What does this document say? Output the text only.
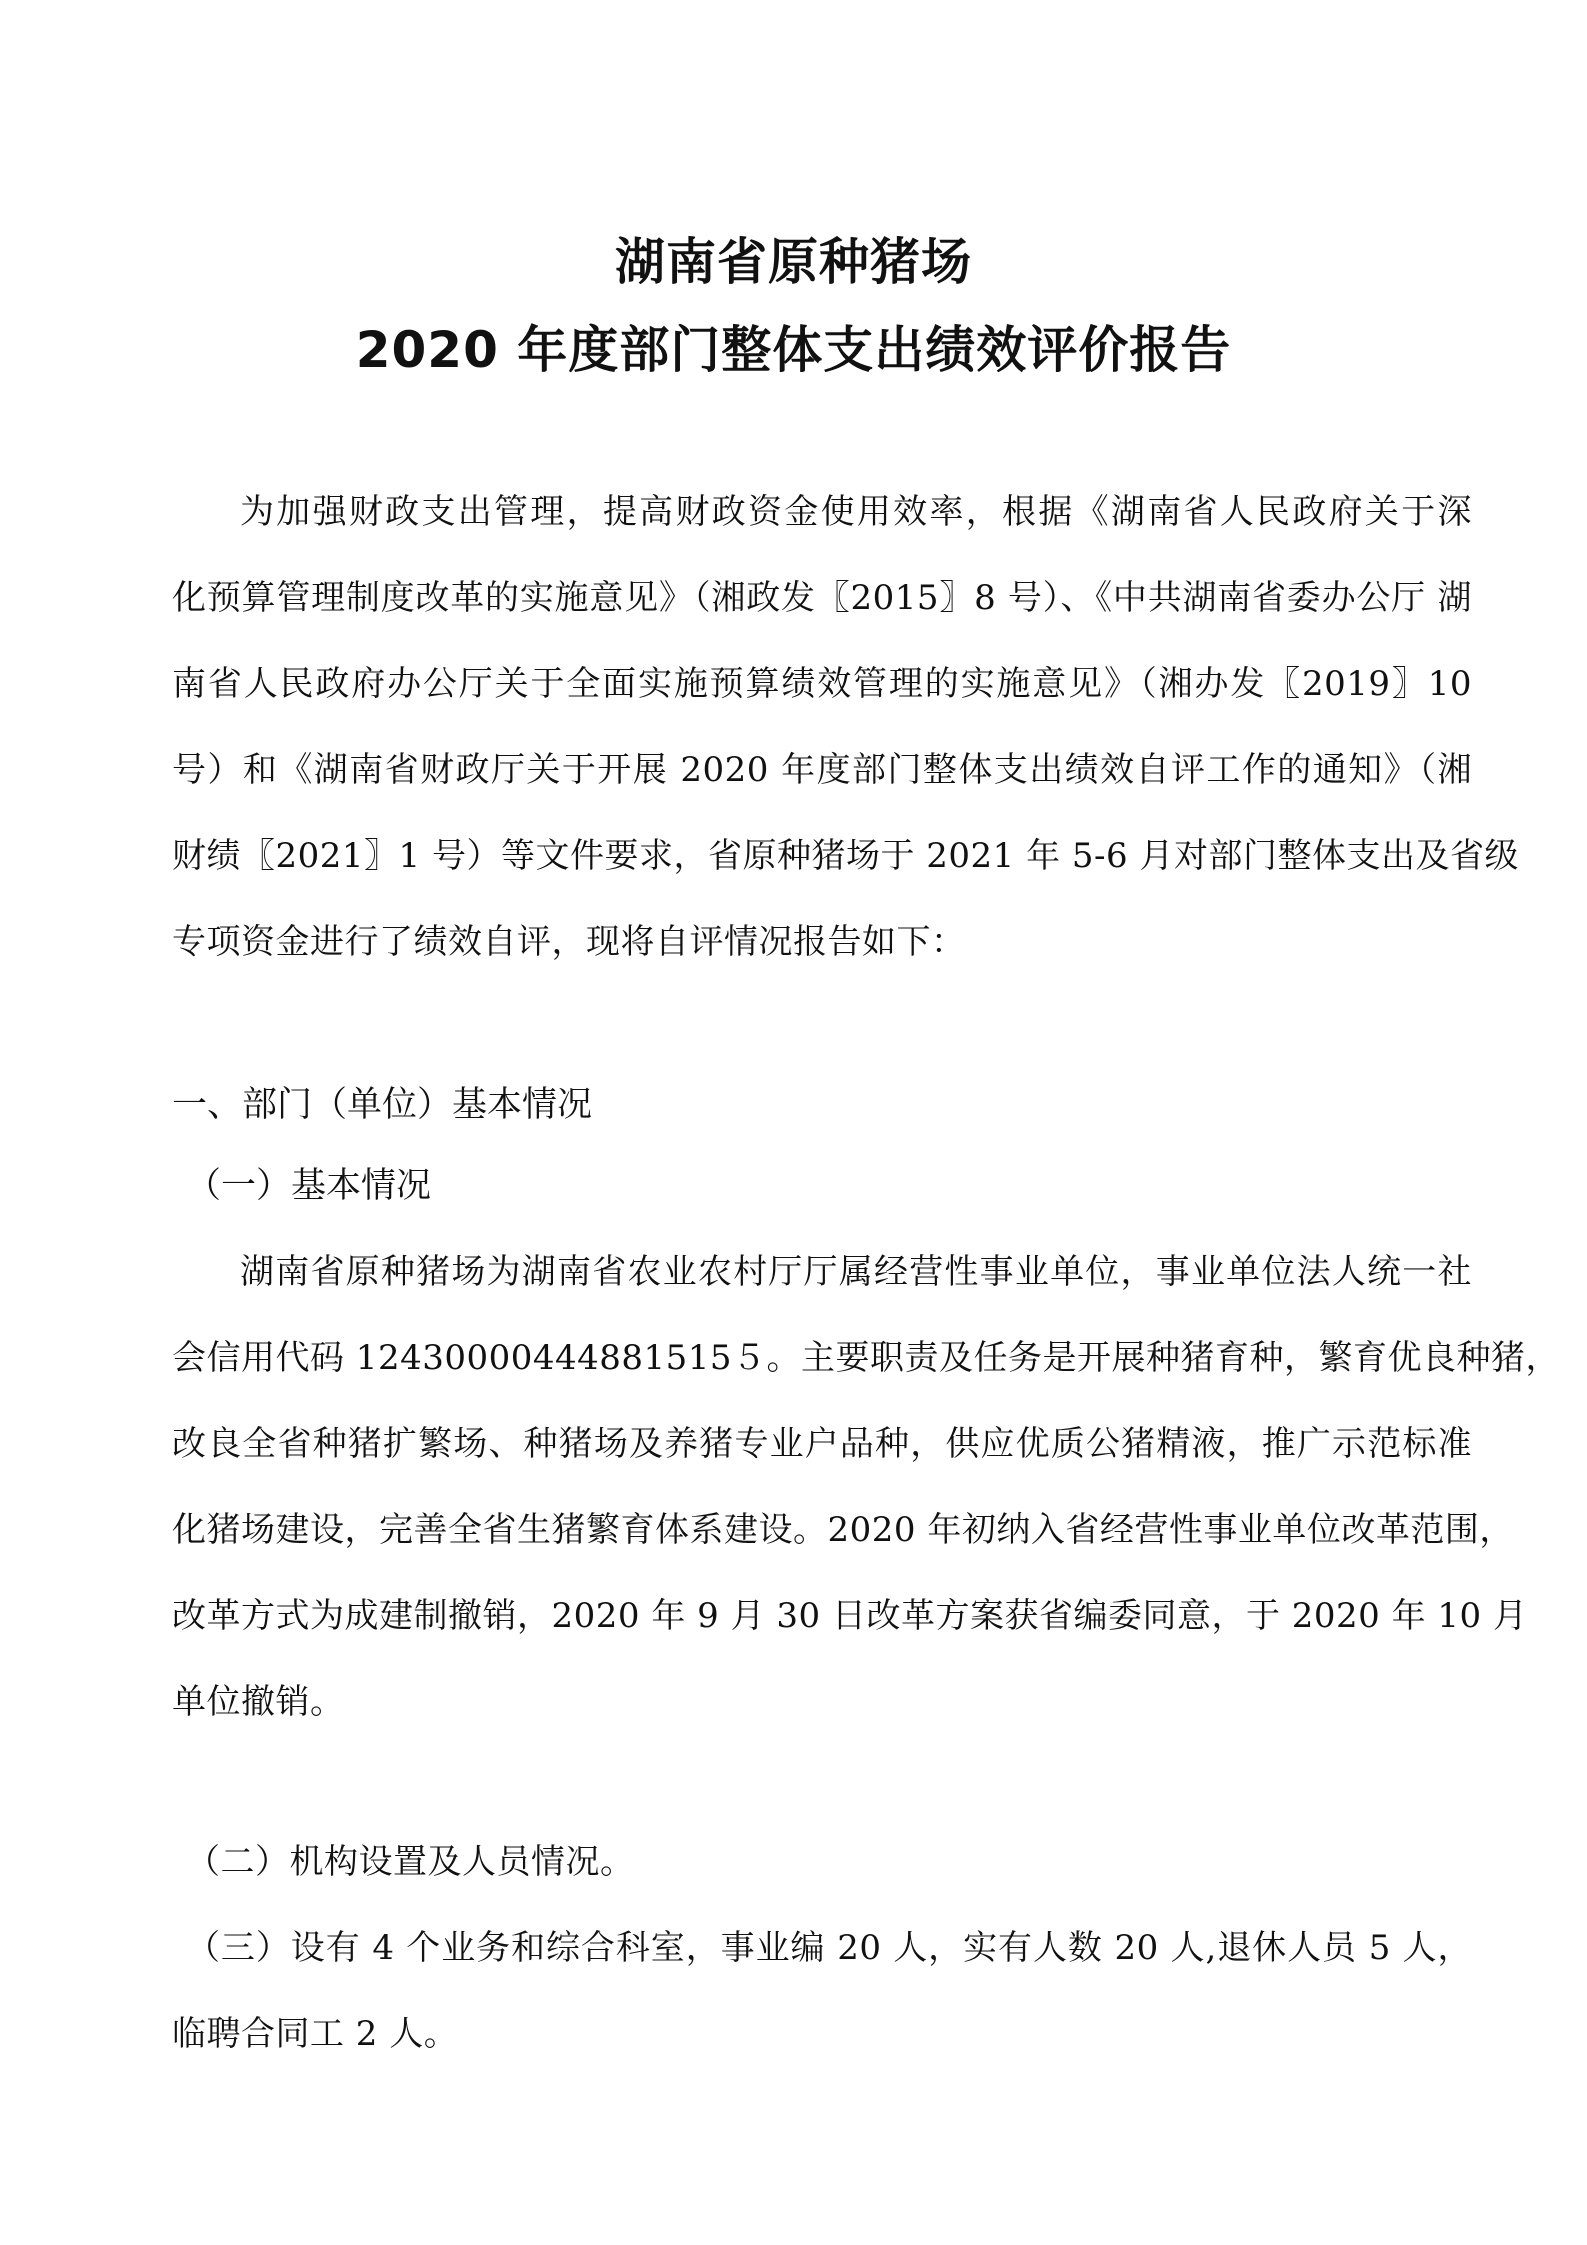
湖南省原种猪场
2020 年度部门整体支出绩效评价报告

为加强财政支出管理，提高财政资金使用效率，根据《湖南省人民政府关于深

化预算管理制度改革的实施意见》（湘政发〖2015〗8 号）、《中共湖南省委办公厅 湖

南省人民政府办公厅关于全面实施预算绩效管理的实施意见》（湘办发〖2019〗10

号）和《湖南省财政厅关于开展 2020 年度部门整体支出绩效自评工作的通知》（湘

财绩〖2021〗1 号）等文件要求，省原种猪场于 2021 年 5-6 月对部门整体支出及省级

专项资金进行了绩效自评，现将自评情况报告如下：

一、部门（单位）基本情况
（一）基本情况

湖南省原种猪场为湖南省农业农村厅厅属经营性事业单位，事业单位法人统一社

会信用代码 12430000444881515５。主要职责及任务是开展种猪育种，繁育优良种猪，

改良全省种猪扩繁场、种猪场及养猪专业户品种，供应优质公猪精液，推广示范标准

化猪场建设，完善全省生猪繁育体系建设。2020 年初纳入省经营性事业单位改革范围，

改革方式为成建制撤销，2020 年 9 月 30 日改革方案获省编委同意，于 2020 年 10 月

单位撤销。

（二）机构设置及人员情况。

（三）设有 4 个业务和综合科室，事业编 20 人，实有人数 20 人,退休人员 5 人，

临聘合同工 2 人。
